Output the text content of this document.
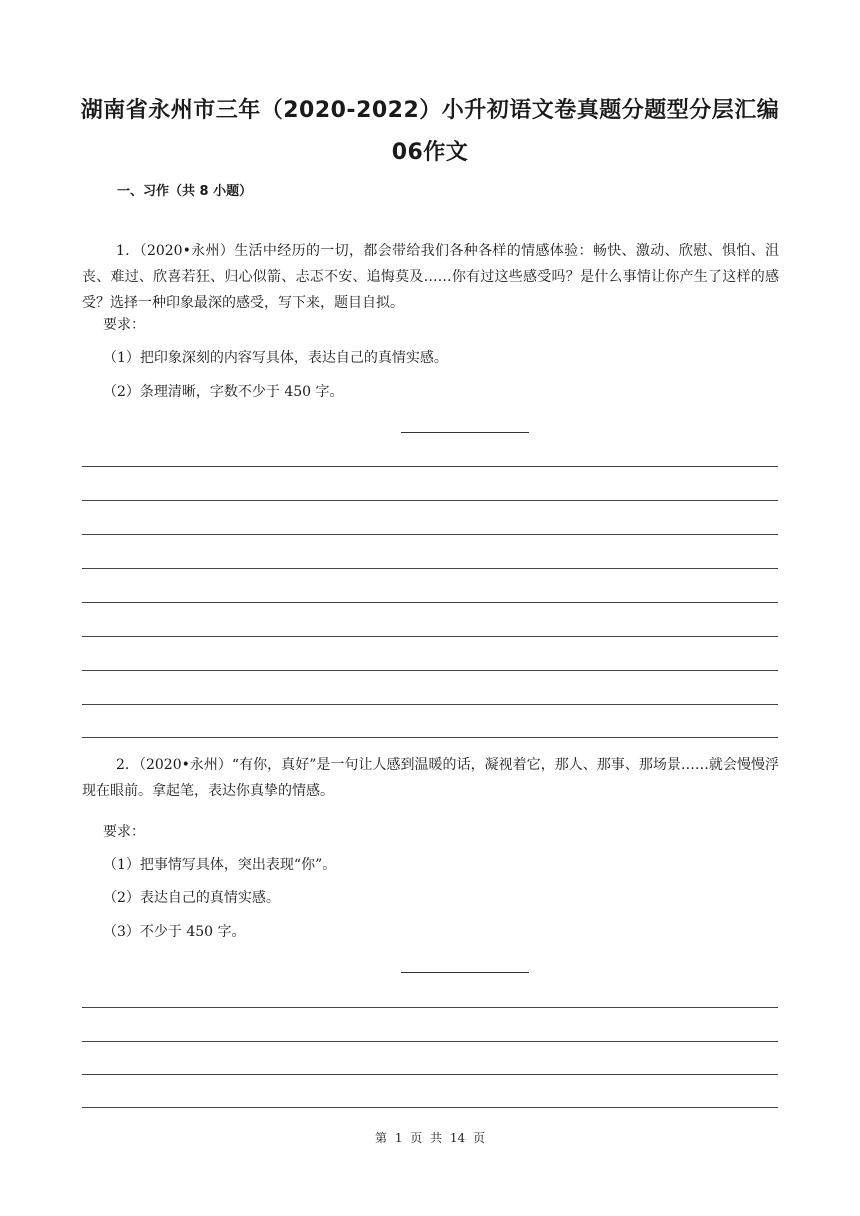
湖南省永州市三年（2020-2022）小升初语文卷真题分题型分层汇编
06作文
一、习作（共 8 小题）

1．（2020•永州）生活中经历的一切，都会带给我们各种各样的情感体验：畅快、激动、欣慰、惧怕、沮丧、难过、欣喜若狂、归心似箭、忐忑不安、追悔莫及……你有过这些感受吗？是什么事情让你产生了这样的感受？选择一种印象最深的感受，写下来，题目自拟。

要求：
（1）把印象深刻的内容写具体，表达自己的真情实感。
（2）条理清晰，字数不少于 450 字。

2．（2020•永州）“有你，真好”是一句让人感到温暖的话，凝视着它，那人、那事、那场景……就会慢慢浮现在眼前。拿起笔，表达你真挚的情感。

要求：
（1）把事情写具体，突出表现“你”。
（2）表达自己的真情实感。
（3）不少于 450 字。
第 1 页 共 14 页
